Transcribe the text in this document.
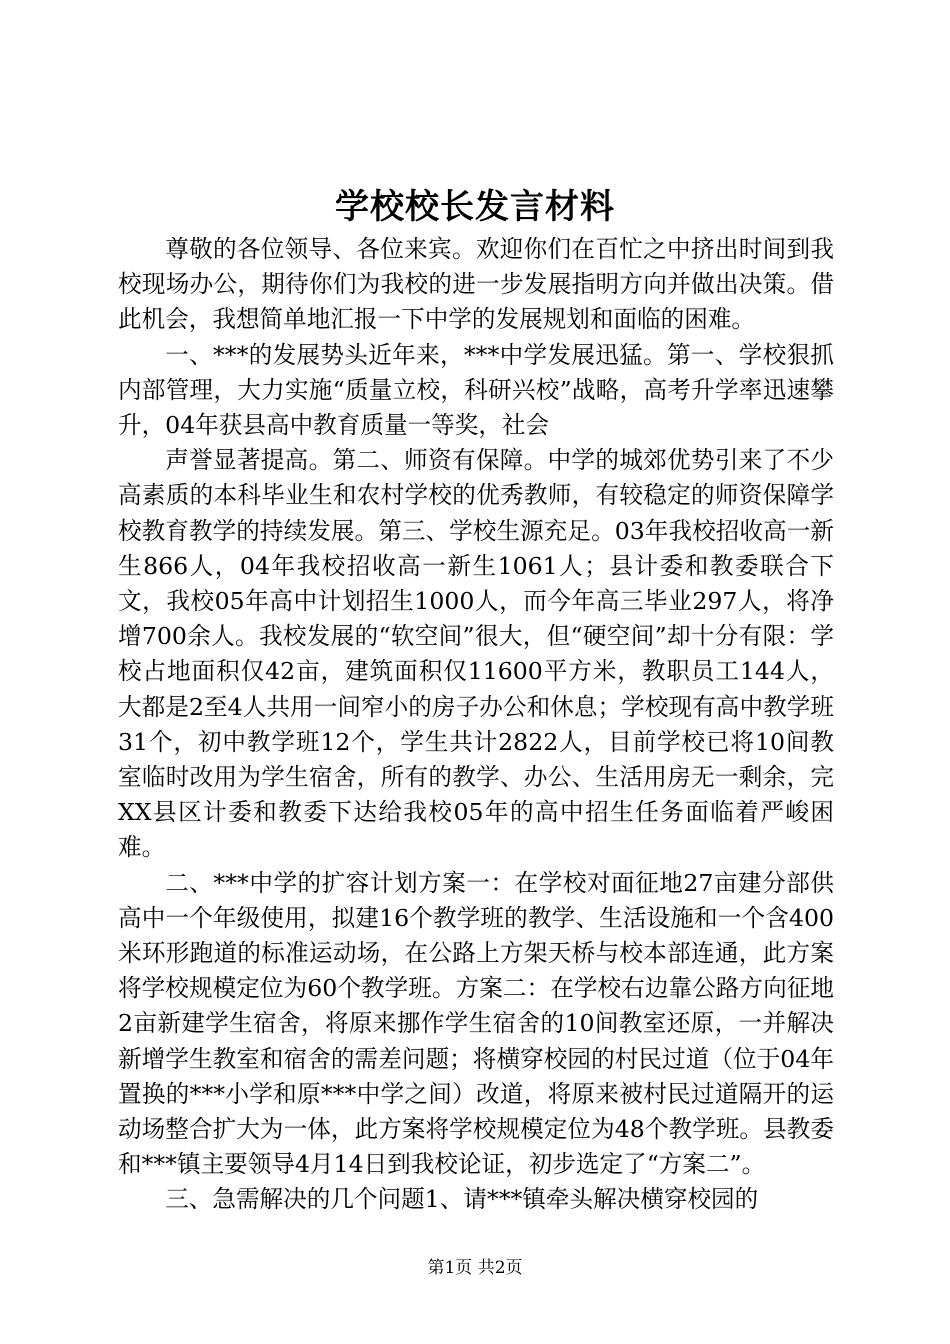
学校校长发言材料

尊敬的各位领导、各位来宾。欢迎你们在百忙之中挤出时间到我校现场办公，期待你们为我校的进一步发展指明方向并做出决策。借此机会，我想简单地汇报一下中学的发展规划和面临的困难。

一、***的发展势头近年来，***中学发展迅猛。第一、学校狠抓内部管理，大力实施“质量立校，科研兴校”战略，高考升学率迅速攀升，04年获县高中教育质量一等奖，社会

声誉显著提高。第二、师资有保障。中学的城郊优势引来了不少高素质的本科毕业生和农村学校的优秀教师，有较稳定的师资保障学校教育教学的持续发展。第三、学校生源充足。03年我校招收高一新生866人，04年我校招收高一新生1061人；县计委和教委联合下文，我校05年高中计划招生1000人，而今年高三毕业297人，将净增700余人。我校发展的“软空间”很大，但“硬空间”却十分有限：学校占地面积仅42亩，建筑面积仅11600平方米，教职员工144人，大都是2至4人共用一间窄小的房子办公和休息；学校现有高中教学班31个，初中教学班12个，学生共计2822人，目前学校已将10间教室临时改用为学生宿舍，所有的教学、办公、生活用房无一剩余，完XX县区计委和教委下达给我校05年的高中招生任务面临着严峻困难。

二、***中学的扩容计划方案一：在学校对面征地27亩建分部供高中一个年级使用，拟建16个教学班的教学、生活设施和一个含400米环形跑道的标准运动场，在公路上方架天桥与校本部连通，此方案将学校规模定位为60个教学班。方案二：在学校右边靠公路方向征地2亩新建学生宿舍，将原来挪作学生宿舍的10间教室还原，一并解决新增学生教室和宿舍的需差问题；将横穿校园的村民过道（位于04年置换的***小学和原***中学之间）改道，将原来被村民过道隔开的运动场整合扩大为一体，此方案将学校规模定位为48个教学班。县教委和***镇主要领导4月14日到我校论证，初步选定了“方案二”。

三、急需解决的几个问题1、请***镇牵头解决横穿校园的

第1页 共2页
